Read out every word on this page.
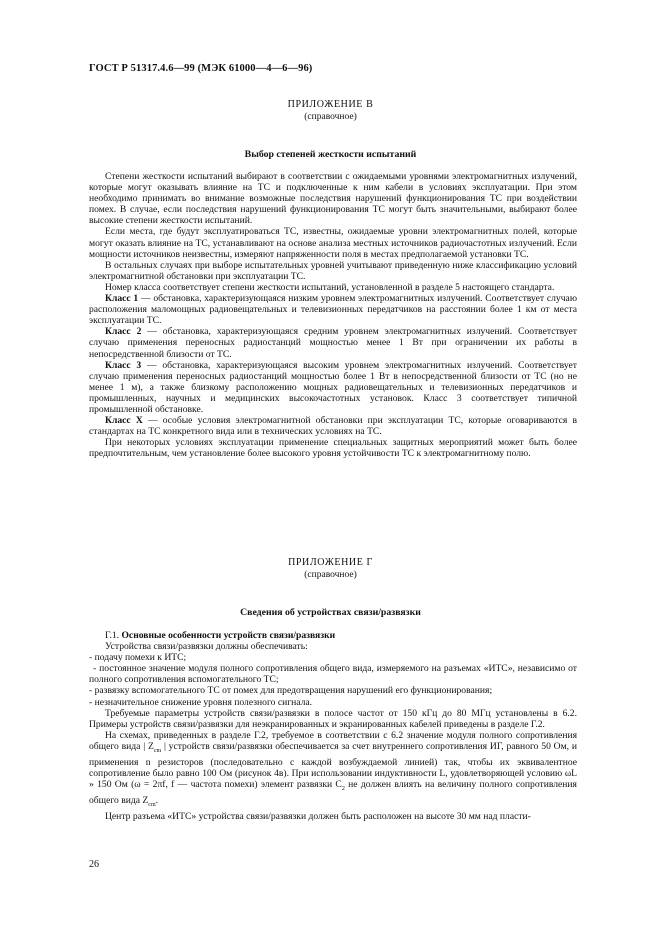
ГОСТ Р 51317.4.6—99 (МЭК 61000—4—6—96)
ПРИЛОЖЕНИЕ В
(справочное)
Выбор степеней жесткости испытаний

Степени жесткости испытаний выбирают в соответствии с ожидаемыми уровнями электромагнитных излучений, которые могут оказывать влияние на ТС и подключенные к ним кабели в условиях эксплуатации. При этом необходимо принимать во внимание возможные последствия нарушений функционирования ТС при воздействии помех. В случае, если последствия нарушений функционирования ТС могут быть значительными, выбирают более высокие степени жесткости испытаний.

Если места, где будут эксплуатироваться ТС, известны, ожидаемые уровни электромагнитных полей, которые могут оказать влияние на ТС, устанавливают на основе анализа местных источников радиочастотных излучений. Если мощности источников неизвестны, измеряют напряженности поля в местах предполагаемой установки ТС.

В остальных случаях при выборе испытательных уровней учитывают приведенную ниже классификацию условий электромагнитной обстановки при эксплуатации ТС.

Номер класса соответствует степени жесткости испытаний, установленной в разделе 5 настоящего стандарта.

Класс 1 — обстановка, характеризующаяся низким уровнем электромагнитных излучений. Соответствует случаю расположения маломощных радиовещательных и телевизионных передатчиков на расстоянии более 1 км от места эксплуатации ТС.

Класс 2 — обстановка, характеризующаяся средним уровнем электромагнитных излучений. Соответствует случаю применения переносных радиостанций мощностью менее 1 Вт при ограничении их работы в непосредственной близости от ТС.

Класс 3 — обстановка, характеризующаяся высоким уровнем электромагнитных излучений. Соответствует случаю применения переносных радиостанций мощностью более 1 Вт в непосредственной близости от ТС (но не менее 1 м), а также близкому расположению мощных радиовещательных и телевизионных передатчиков и промышленных, научных и медицинских высокочастотных установок. Класс 3 соответствует типичной промышленной обстановке.

Класс X — особые условия электромагнитной обстановки при эксплуатации ТС, которые оговариваются в стандартах на ТС конкретного вида или в технических условиях на ТС.

При некоторых условиях эксплуатации применение специальных защитных мероприятий может быть более предпочтительным, чем установление более высокого уровня устойчивости ТС к электромагнитному полю.

ПРИЛОЖЕНИЕ Г
(справочное)
Сведения об устройствах связи/развязки

Г.1. Основные особенности устройств связи/развязки

Устройства связи/развязки должны обеспечивать:

- подачу помехи к ИТС;

- постоянное значение модуля полного сопротивления общего вида, измеряемого на разъемах «ИТС», независимо от полного сопротивления вспомогательного ТС;

- развязку вспомогательного ТС от помех для предотвращения нарушений его функционирования;

- незначительное снижение уровня полезного сигнала.

Требуемые параметры устройств связи/развязки в полосе частот от 150 кГц до 80 МГц установлены в 6.2. Примеры устройств связи/развязки для неэкранированных и экранированных кабелей приведены в разделе Г.2.

На схемах, приведенных в разделе Г.2, требуемое в соответствии с 6.2 значение модуля полного сопротивления общего вида | $Z_{сm}$ | устройств связи/развязки обеспечивается за счет внутреннего сопротивления ИГ, равного 50 Ом, и применения n резисторов (последовательно с каждой возбуждаемой линией) так, чтобы их эквивалентное сопротивление было равно 100 Ом (рисунок 4в). При использовании индуктивности L, удовлетворяющей условию ωL » 150 Ом (ω = 2πf, f — частота помехи) элемент развязки $C_2$ не должен влиять на величину полного сопротивления общего вида $Z_{сm}$.

Центр разъема «ИТС» устройства связи/развязки должен быть расположен на высоте 30 мм над пласти-

26
